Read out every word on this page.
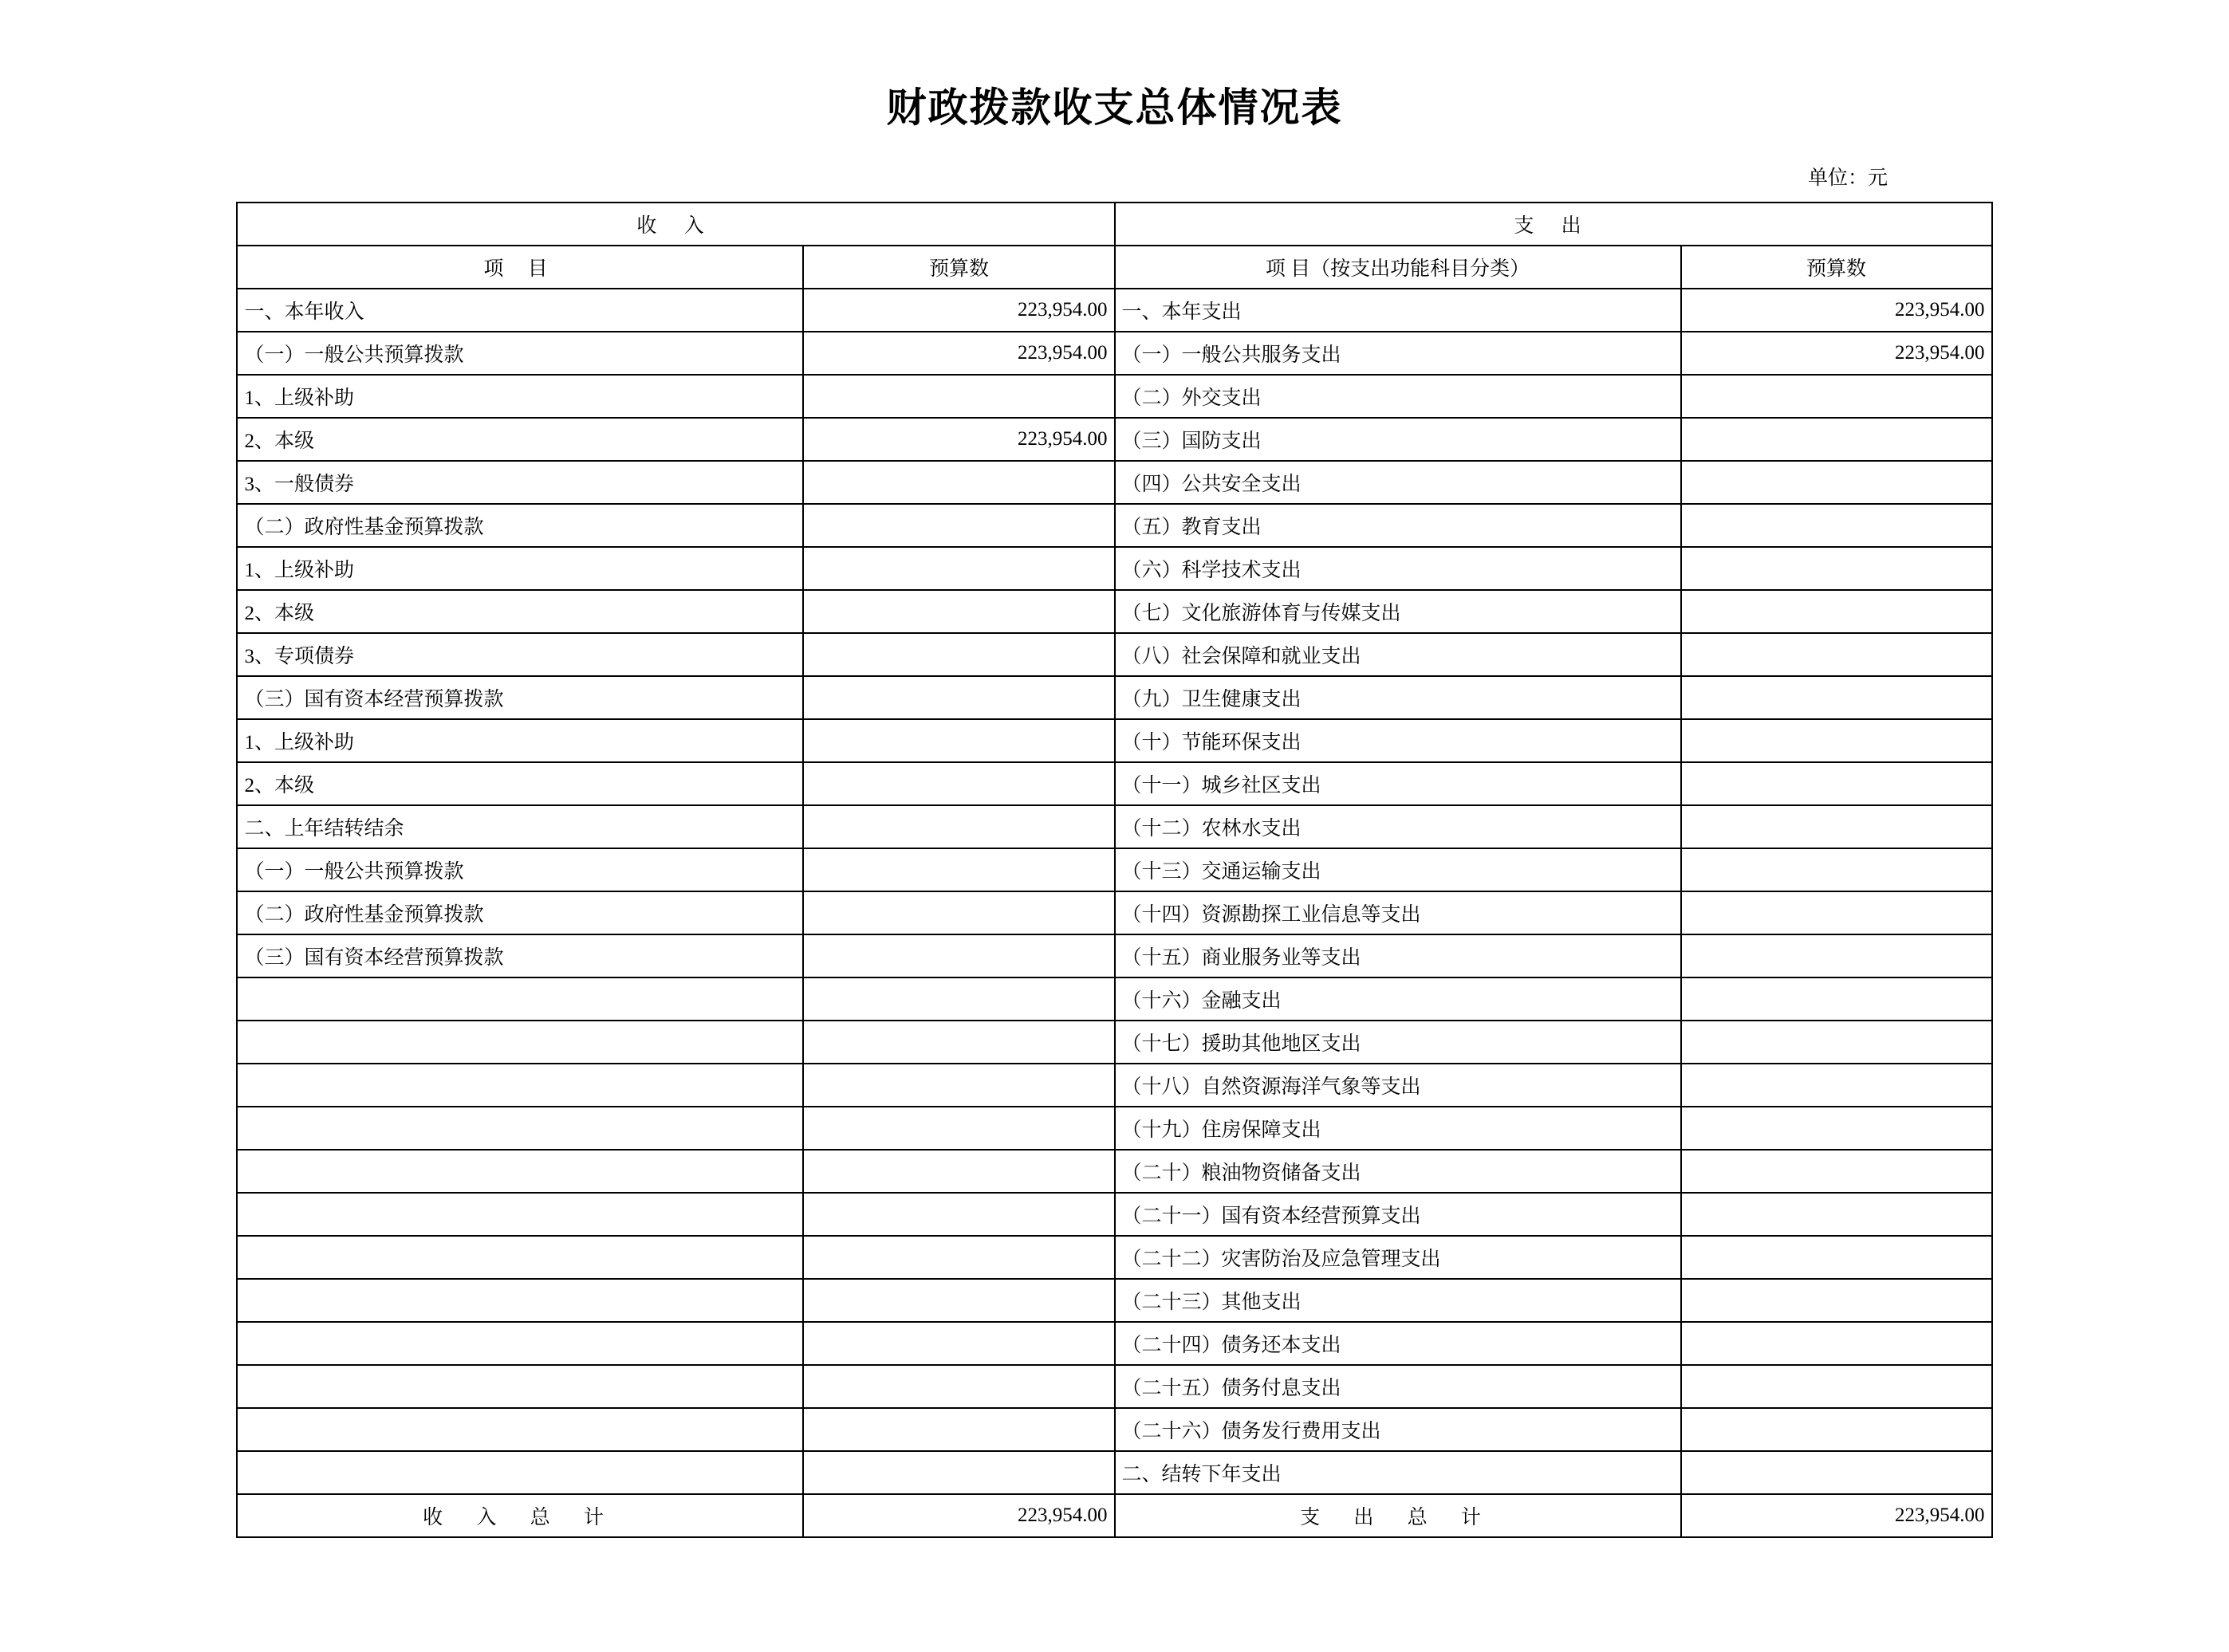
财政拨款收支总体情况表
单位：元
收 入		支 出	
项 目	预算数	项 目（按支出功能科目分类）	预算数
一、本年收入	223,954.00	一、本年支出	223,954.00
（一）一般公共预算拨款	223,954.00	（一）一般公共服务支出	223,954.00
1、上级补助		（二）外交支出	
2、本级	223,954.00	（三）国防支出	
3、一般债券		（四）公共安全支出	
（二）政府性基金预算拨款		（五）教育支出	
1、上级补助		（六）科学技术支出	
2、本级		（七）文化旅游体育与传媒支出	
3、专项债券		（八）社会保障和就业支出	
（三）国有资本经营预算拨款		（九）卫生健康支出	
1、上级补助		（十）节能环保支出	
2、本级		（十一）城乡社区支出	
二、上年结转结余		（十二）农林水支出	
（一）一般公共预算拨款		（十三）交通运输支出	
（二）政府性基金预算拨款		（十四）资源勘探工业信息等支出	
（三）国有资本经营预算拨款		（十五）商业服务业等支出	
		（十六）金融支出	
		（十七）援助其他地区支出	
		（十八）自然资源海洋气象等支出	
		（十九）住房保障支出	
		（二十）粮油物资储备支出	
		（二十一）国有资本经营预算支出	
		（二十二）灾害防治及应急管理支出	
		（二十三）其他支出	
		（二十四）债务还本支出	
		（二十五）债务付息支出	
		（二十六）债务发行费用支出	
		二、结转下年支出	
收 入 总 计	223,954.00	支 出 总 计	223,954.00
